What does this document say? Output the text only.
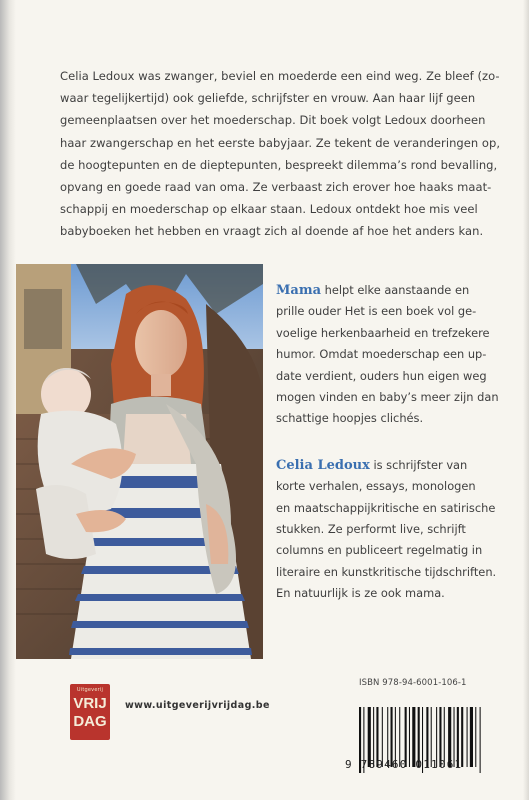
Celia Ledoux was zwanger, beviel en moederde een eind weg. Ze bleef (zo-
waar tegelijkertijd) ook geliefde, schrijfster en vrouw. Aan haar lijf geen
gemeenplaatsen over het moederschap. Dit boek volgt Ledoux doorheen
haar zwangerschap en het eerste babyjaar. Ze tekent de veranderingen op,
de hoogtepunten en de dieptepunten, bespreekt dilemma’s rond bevalling,
opvang en goede raad van oma. Ze verbaast zich erover hoe haaks maat-
schappij en moederschap op elkaar staan. Ledoux ontdekt hoe mis veel
babyboeken het hebben en vraagt zich al doende af hoe het anders kan.
Mama helpt elke aanstaande en
prille ouder Het is een boek vol ge-
voelige herkenbaarheid en trefzekere
humor. Omdat moederschap een up-
date verdient, ouders hun eigen weg
mogen vinden en baby’s meer zijn dan
schattige hoopjes clichés.
Celia Ledoux is schrijfster van
korte verhalen, essays, monologen
en maatschappijkritische en satirische
stukken. Ze performt live, schrijft
columns en publiceert regelmatig in
literaire en kunstkritische tijdschriften.
En natuurlijk is ze ook mama.
Uitgeverij
VRIJ
DAG
www.uitgeverijvrijdag.be
ISBN 978-94-6001-106-1
9 789460 011061
